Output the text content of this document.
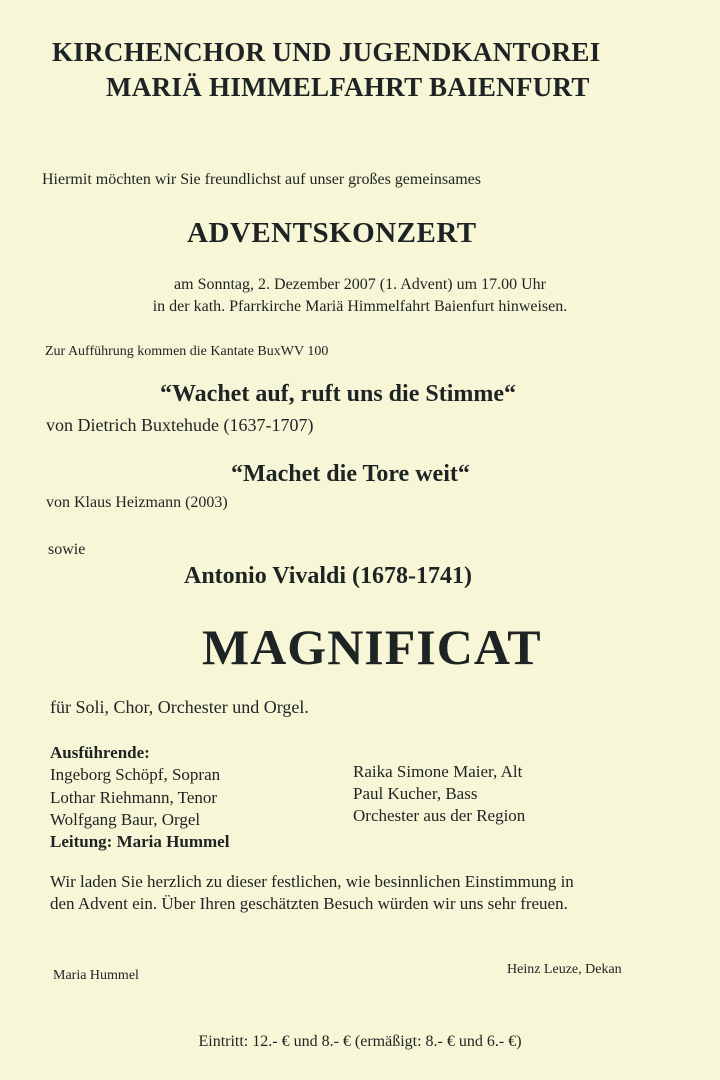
KIRCHENCHOR UND JUGENDKANTOREI
MARIÄ HIMMELFAHRT BAIENFURT
Hiermit möchten wir Sie freundlichst auf unser großes gemeinsames
ADVENTSKONZERT
am Sonntag, 2. Dezember 2007 (1. Advent) um 17.00 Uhr
in der kath. Pfarrkirche Mariä Himmelfahrt Baienfurt hinweisen.
Zur Aufführung kommen die Kantate BuxWV 100
“Wachet auf, ruft uns die Stimme“
von Dietrich Buxtehude (1637-1707)
“Machet die Tore weit“
von Klaus Heizmann (2003)
sowie
Antonio Vivaldi (1678-1741)
MAGNIFICAT
für Soli, Chor, Orchester und Orgel.
Ausführende:
Ingeborg Schöpf, Sopran
Lothar Riehmann, Tenor
Wolfgang Baur, Orgel
Leitung: Maria Hummel
Raika Simone Maier, Alt
Paul Kucher, Bass
Orchester aus der Region
Wir laden Sie herzlich zu dieser festlichen, wie besinnlichen Einstimmung in
den Advent ein. Über Ihren geschätzten Besuch würden wir uns sehr freuen.
Maria Hummel	Heinz Leuze, Dekan
Eintritt: 12.- € und 8.- € (ermäßigt: 8.- € und 6.- €)
